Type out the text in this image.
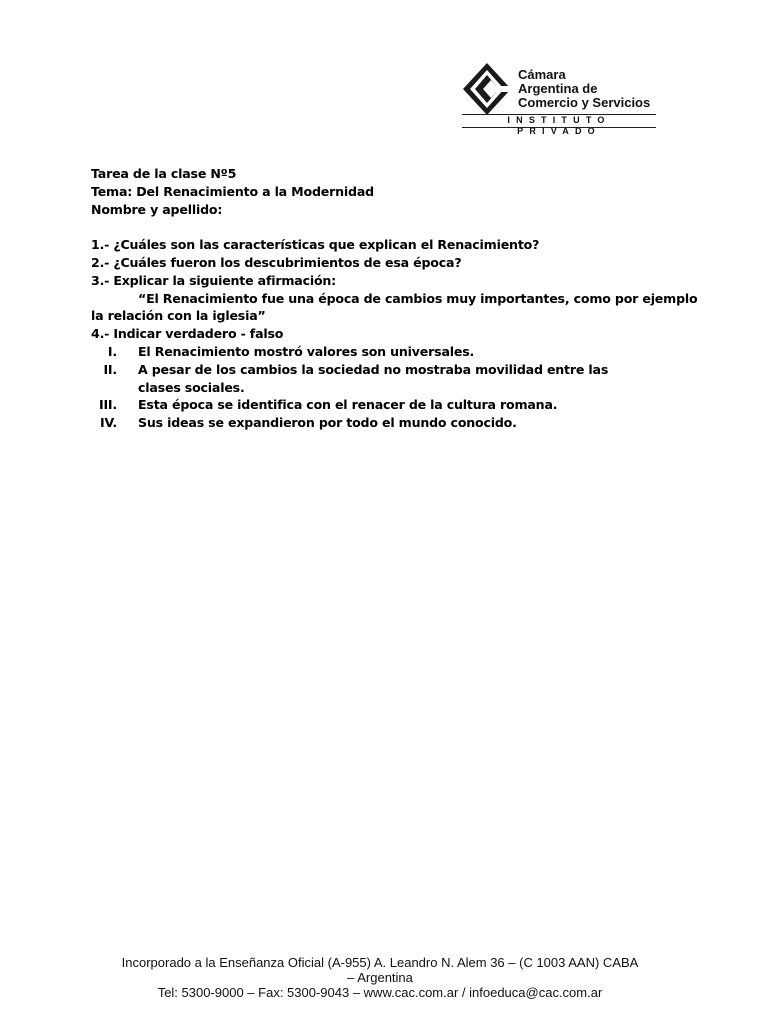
Cámara
Argentina de
Comercio y Servicios
INSTITUTO PRIVADO

Tarea de la clase Nº5

Tema: Del Renacimiento a la Modernidad

Nombre y apellido:

1.- ¿Cuáles son las características que explican el Renacimiento?

2.- ¿Cuáles fueron los descubrimientos de esa época?

3.- Explicar la siguiente afirmación:

“El Renacimiento fue una época de cambios muy importantes, como por ejemplo

la relación con la iglesia”

4.- Indicar verdadero - falso

I.	El Renacimiento mostró valores son universales.
II.	A pesar de los cambios la sociedad no mostraba movilidad entre las clases sociales.
III.	Esta época se identifica con el renacer de la cultura romana.
IV.	Sus ideas se expandieron por todo el mundo conocido.
Incorporado a la Enseñanza Oficial (A-955) A. Leandro N. Alem 36 – (C 1003 AAN) CABA
– Argentina
Tel: 5300-9000 – Fax: 5300-9043 – www.cac.com.ar / infoeduca@cac.com.ar
